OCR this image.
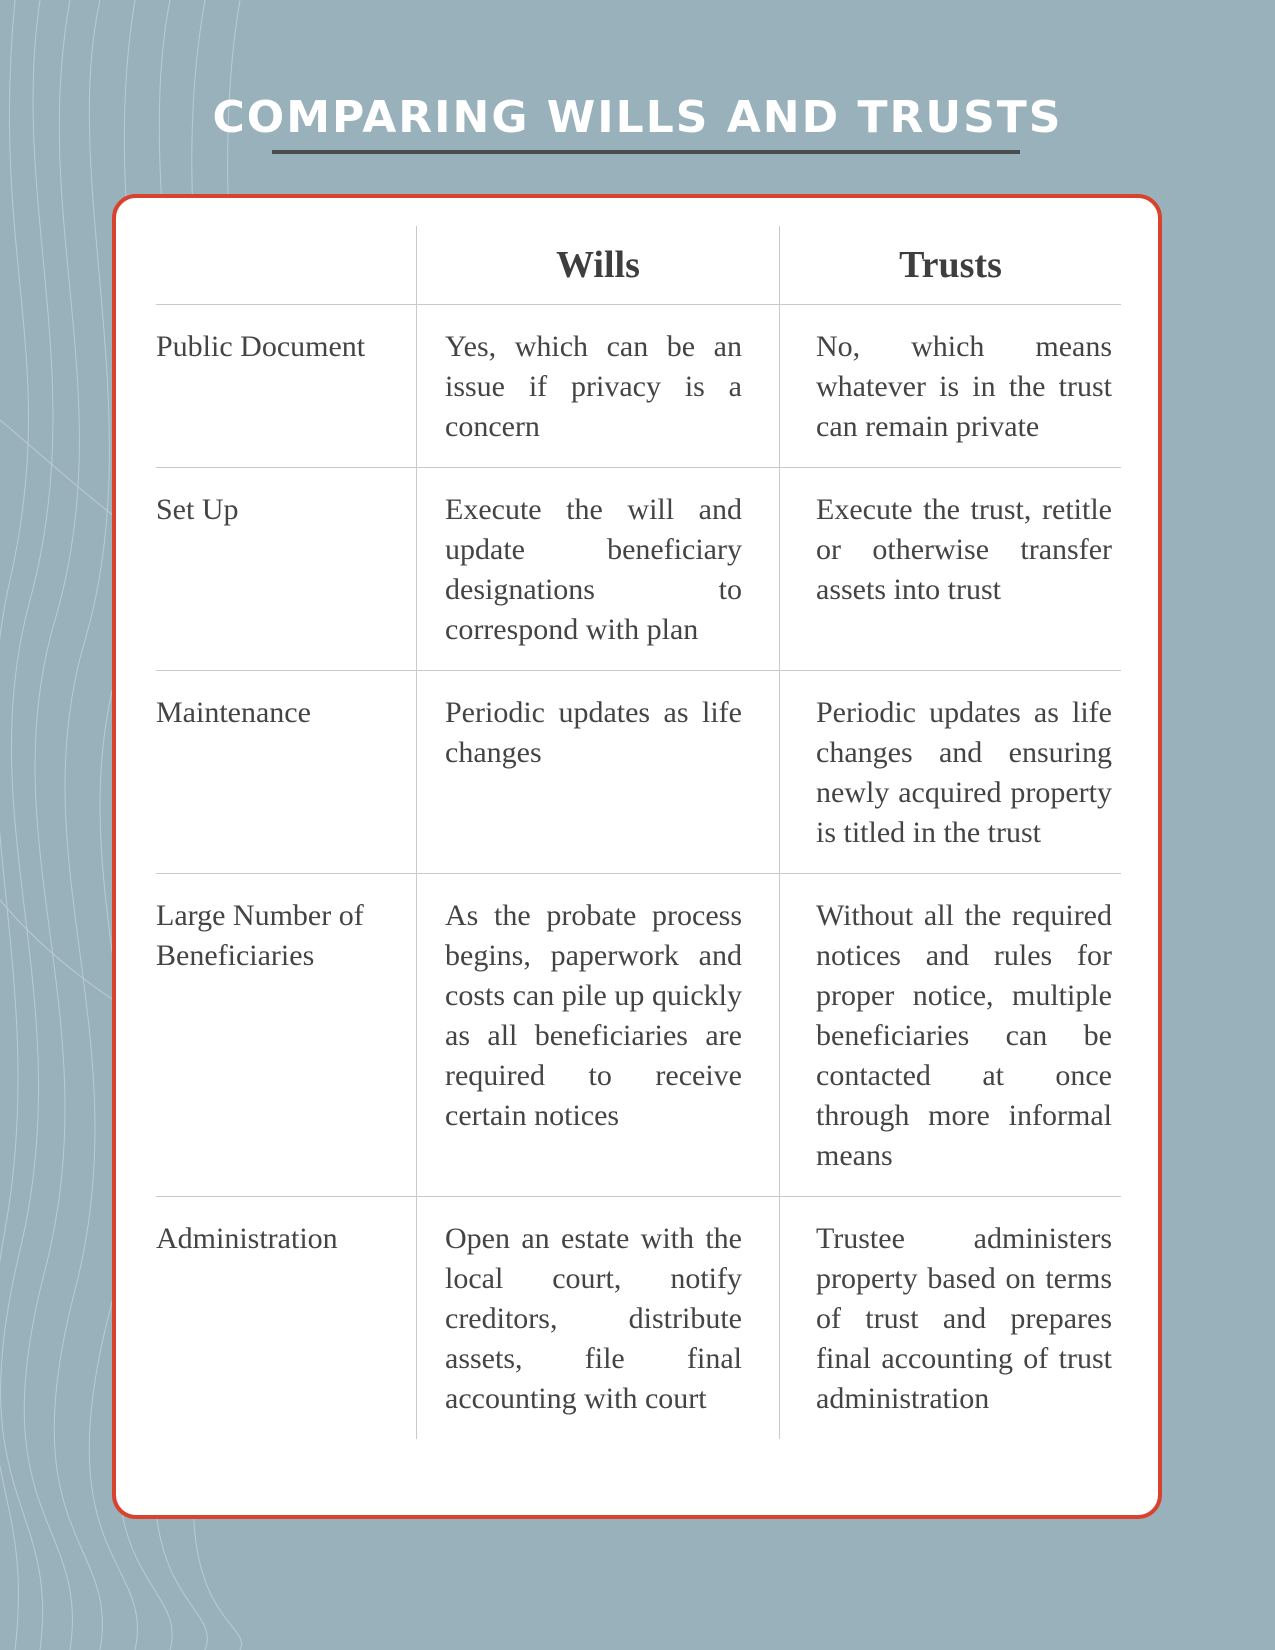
COMPARING WILLS AND TRUSTS
	Wills	Trusts
Public Document	Yes, which can be an issue if privacy is a concern	No, which means whatever is in the trust can remain private
Set Up	Execute the will and update beneficiary designations to correspond with plan	Execute the trust, retitle or otherwise transfer assets into trust
Maintenance	Periodic updates as life changes	Periodic updates as life changes and ensuring newly acquired property is titled in the trust
Large Number of Beneficiaries	As the probate process begins, paperwork and costs can pile up quickly as all beneficiaries are required to receive certain notices	Without all the required notices and rules for proper notice, multiple beneficiaries can be contacted at once through more informal means
Administration	Open an estate with the local court, notify creditors, distribute assets, file final accounting with court	Trustee administers property based on terms of trust and prepares final accounting of trust administration
